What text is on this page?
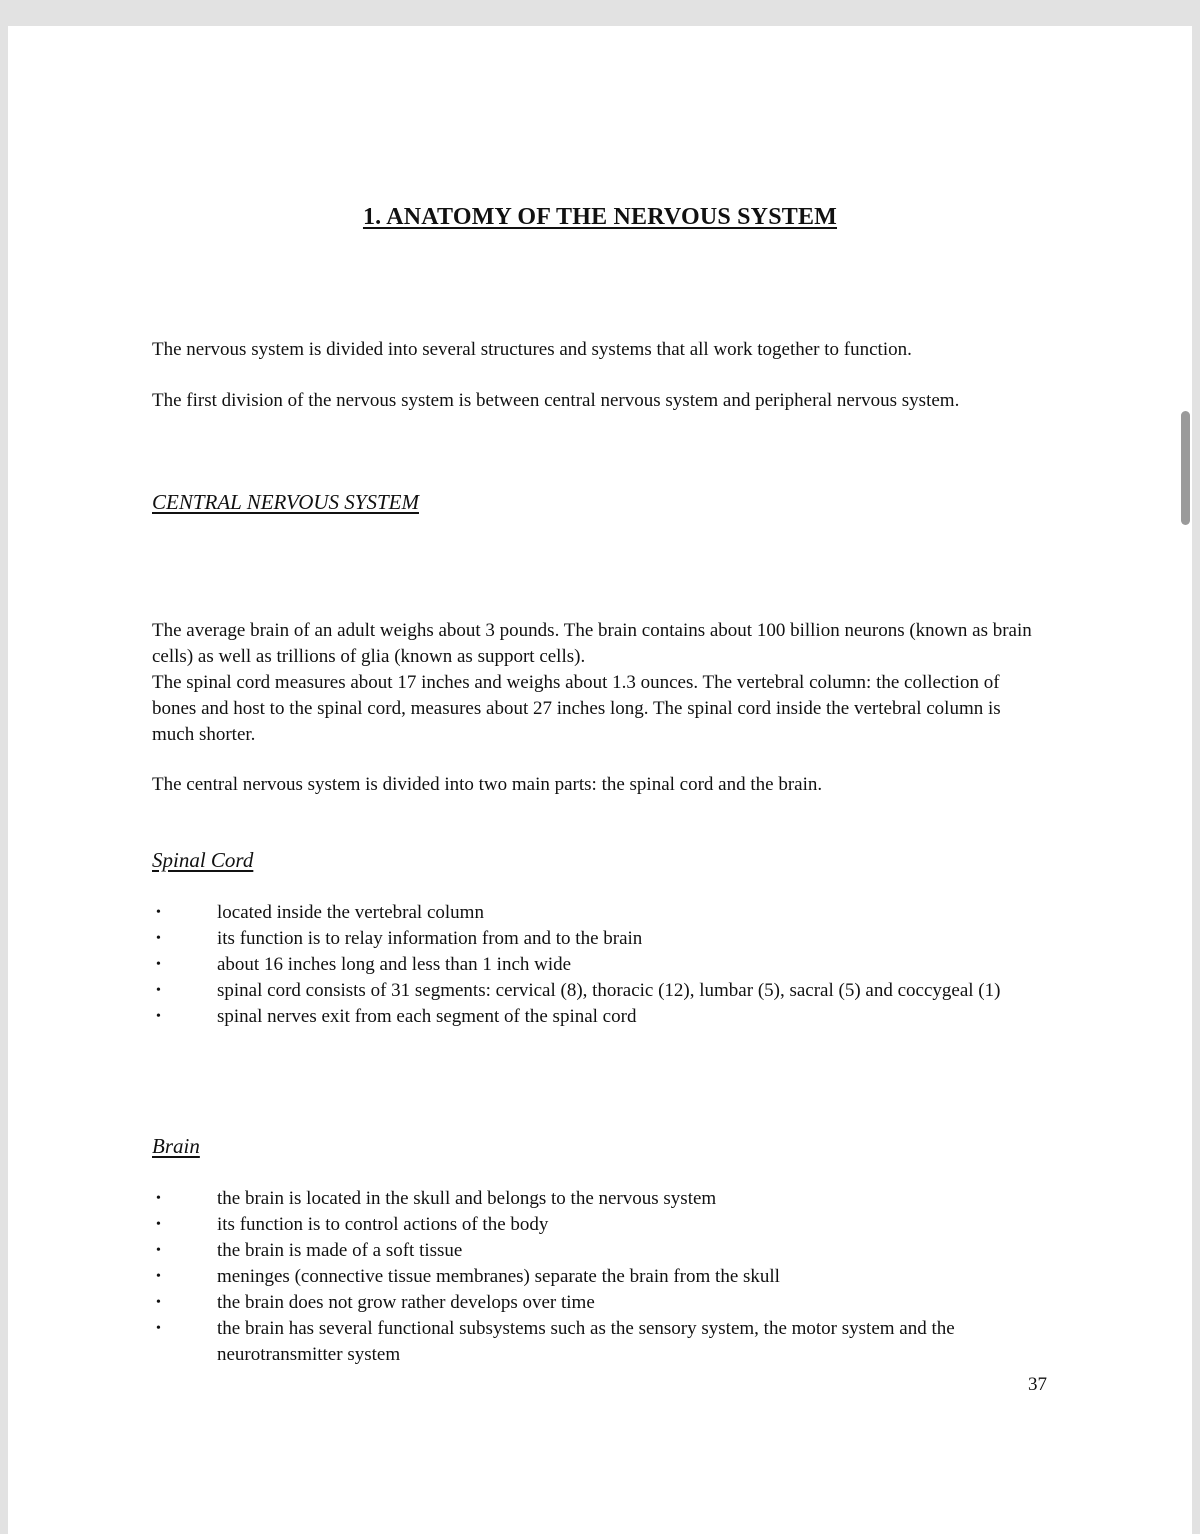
1. ANATOMY OF THE NERVOUS SYSTEM
The nervous system is divided into several structures and systems that all work together to function.
The first division of the nervous system is between central nervous system and peripheral nervous system.
CENTRAL NERVOUS SYSTEM
The average brain of an adult weighs about 3 pounds. The brain contains about 100 billion neurons (known as brain cells) as well as trillions of glia (known as support cells).
The spinal cord measures about 17 inches and weighs about 1.3 ounces. The vertebral column: the collection of bones and host to the spinal cord, measures about 27 inches long. The spinal cord inside the vertebral column is much shorter.
The central nervous system is divided into two main parts: the spinal cord and the brain.
Spinal Cord
•	located inside the vertebral column
•	its function is to relay information from and to the brain
•	about 16 inches long and less than 1 inch wide
•	spinal cord consists of 31 segments: cervical (8), thoracic (12), lumbar (5), sacral (5) and coccygeal (1)
•	spinal nerves exit from each segment of the spinal cord
Brain
•	the brain is located in the skull and belongs to the nervous system
•	its function is to control actions of the body
•	the brain is made of a soft tissue
•	meninges (connective tissue membranes) separate the brain from the skull
•	the brain does not grow rather develops over time
•	the brain has several functional subsystems such as the sensory system, the motor system and the neurotransmitter system
37
